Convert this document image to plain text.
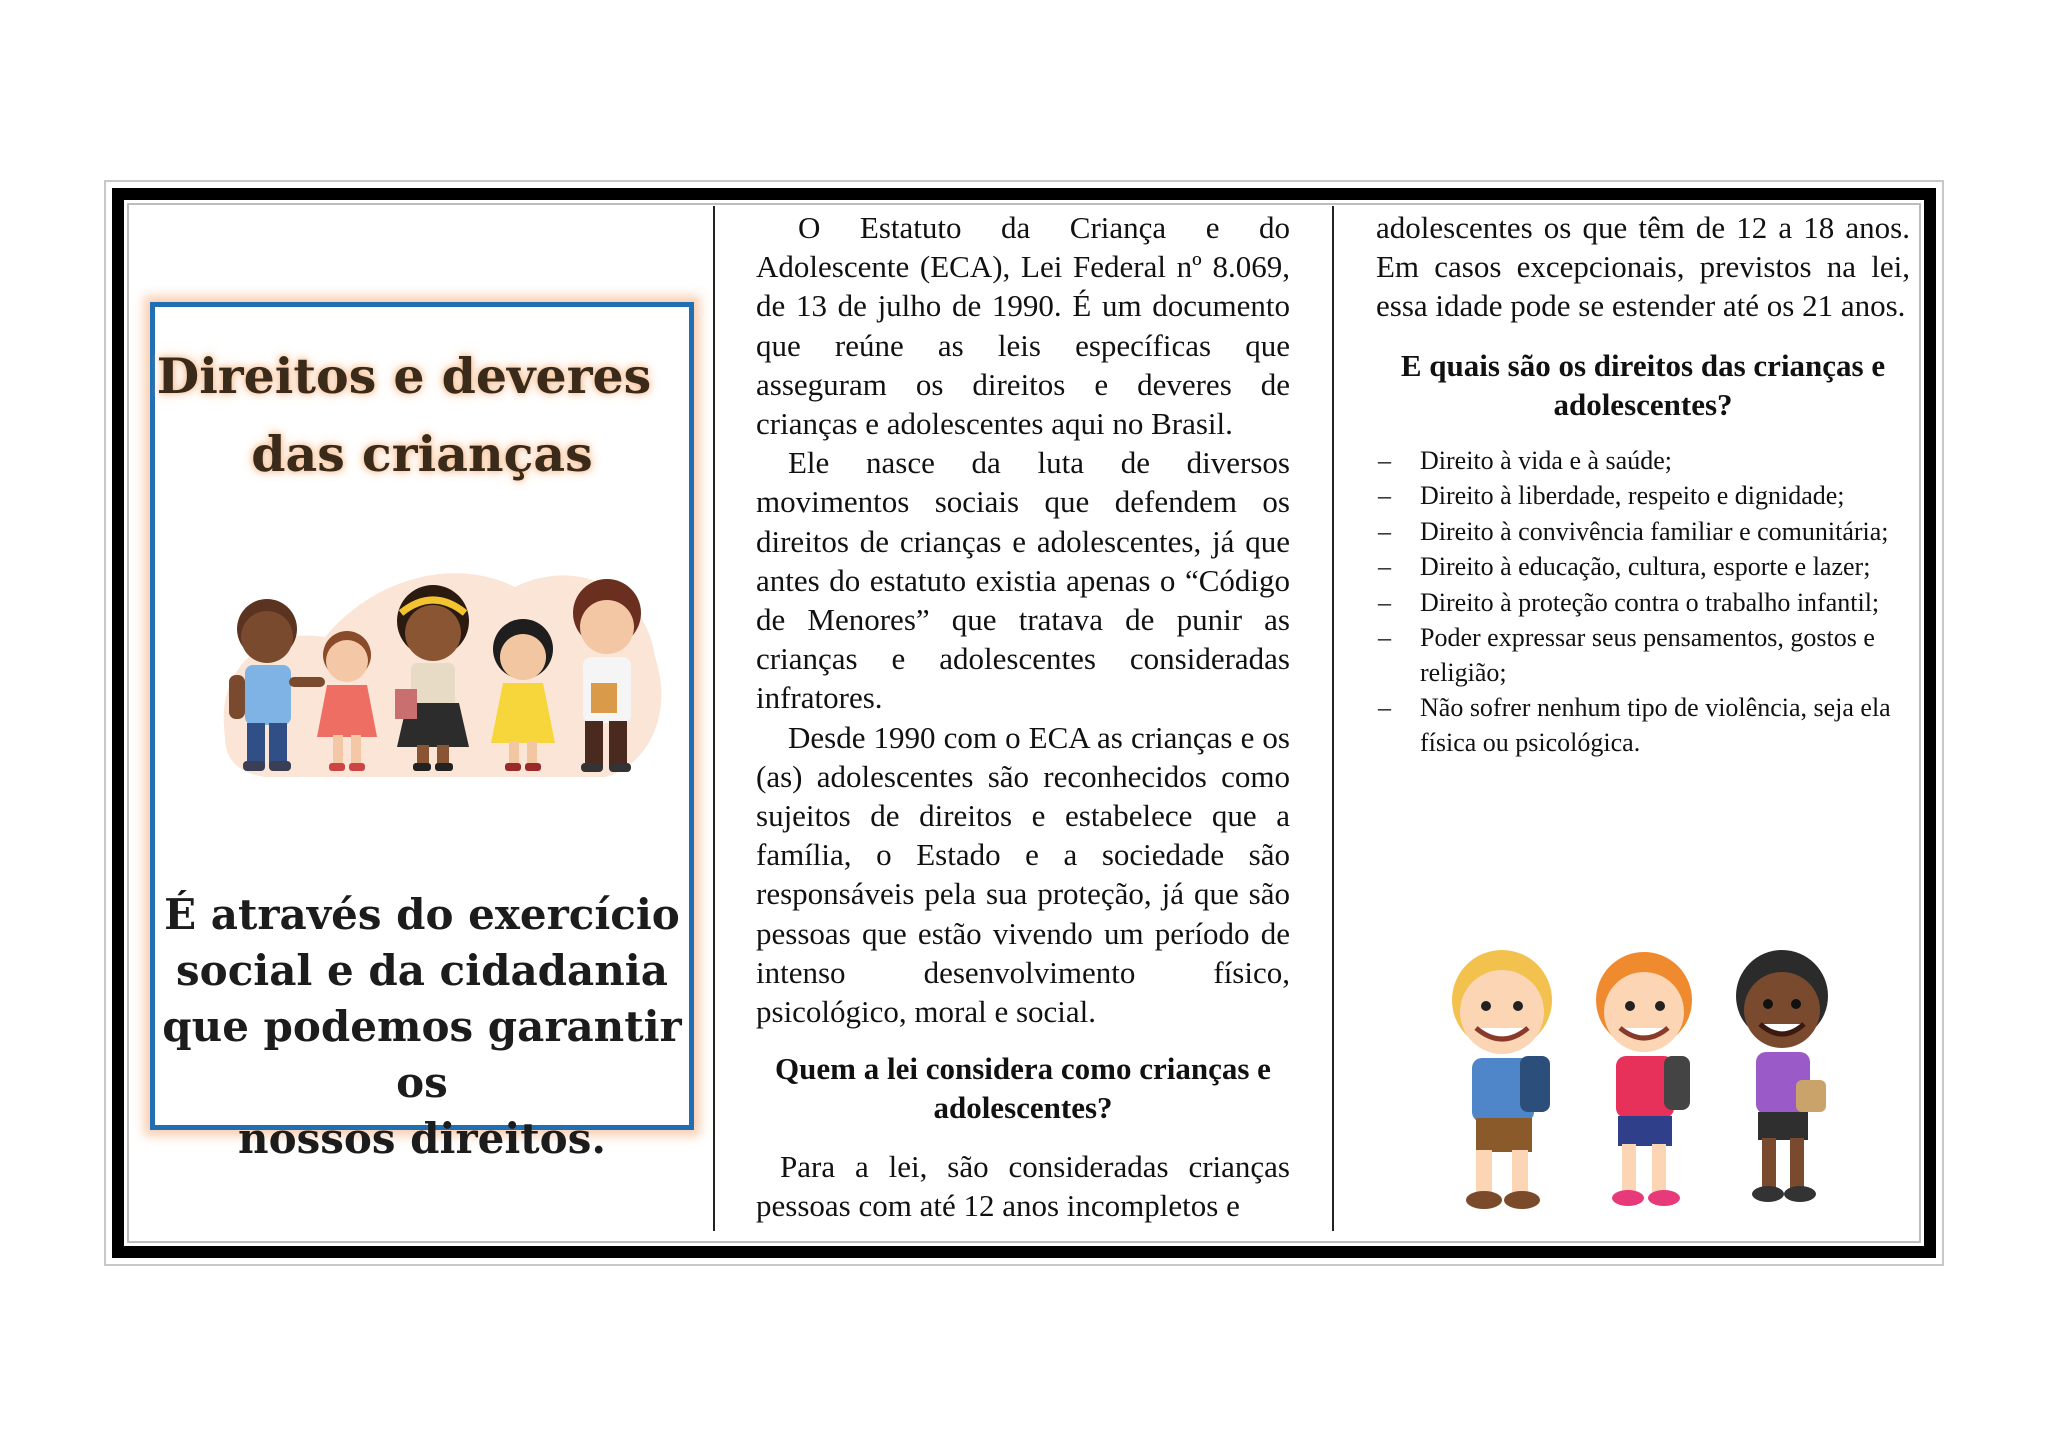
Direitos e deveres
das crianças
É através do exercício
social e da cidadania
que podemos garantir os
nossos direitos.

O Estatuto da Criança e do Adolescente (ECA), Lei Federal nº 8.069, de 13 de julho de 1990. É um documento que reúne as leis específicas que asseguram os direitos e deveres de crianças e adolescentes aqui no Brasil.

Ele nasce da luta de diversos movimentos sociais que defendem os direitos de crianças e adolescentes, já que antes do estatuto existia apenas o “Código de Menores” que tratava de punir as crianças e adolescentes consideradas infratores.

Desde 1990 com o ECA as crianças e os (as) adolescentes são reconhecidos como sujeitos de direitos e estabelece que a família, o Estado e a sociedade são responsáveis pela sua proteção, já que são pessoas que estão vivendo um período de intenso desenvolvimento físico, psicológico, moral e social.

Quem a lei considera como crianças e adolescentes?

Para a lei, são consideradas crianças pessoas com até 12 anos incompletos e

adolescentes os que têm de 12 a 18 anos. Em casos excepcionais, previstos na lei, essa idade pode se estender até os 21 anos.

E quais são os direitos das crianças e adolescentes?

– Direito à vida e à saúde;
– Direito à liberdade, respeito e dignidade;
– Direito à convivência familiar e comunitária;
– Direito à educação, cultura, esporte e lazer;
– Direito à proteção contra o trabalho infantil;
– Poder expressar seus pensamentos, gostos e religião;
– Não sofrer nenhum tipo de violência, seja ela física ou psicológica.
